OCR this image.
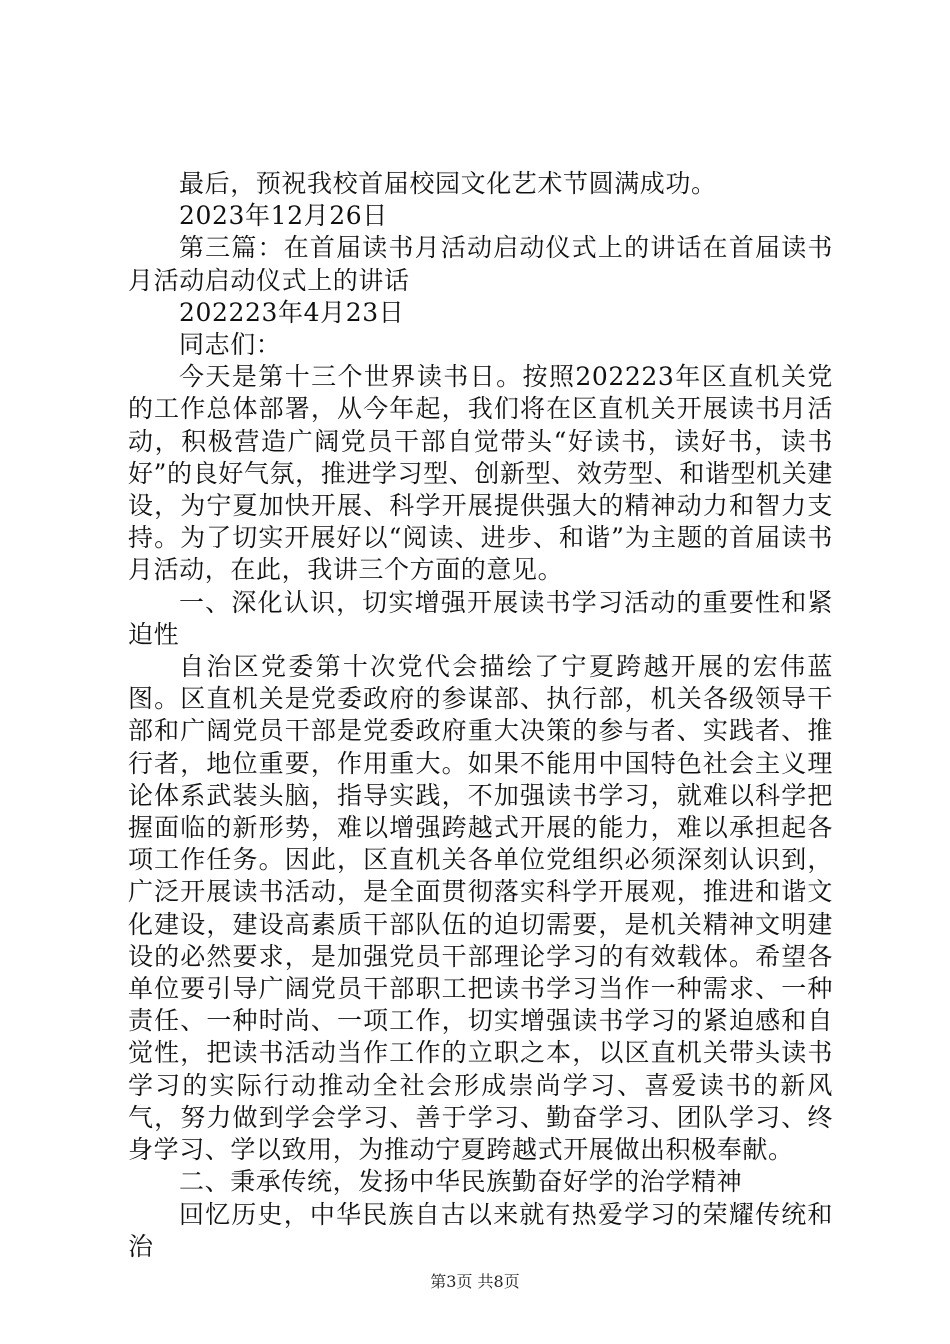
最后，预祝我校首届校园文化艺术节圆满成功。

2023年12月26日

第三篇：在首届读书月活动启动仪式上的讲话在首届读书月活动启动仪式上的讲话

202223年4月23日

同志们：

今天是第十三个世界读书日。按照202223年区直机关党的工作总体部署，从今年起，我们将在区直机关开展读书月活动，积极营造广阔党员干部自觉带头“好读书，读好书，读书好”的良好气氛，推进学习型、创新型、效劳型、和谐型机关建设，为宁夏加快开展、科学开展提供强大的精神动力和智力支持。为了切实开展好以“阅读、进步、和谐”为主题的首届读书月活动，在此，我讲三个方面的意见。

一、深化认识，切实增强开展读书学习活动的重要性和紧迫性

自治区党委第十次党代会描绘了宁夏跨越开展的宏伟蓝图。区直机关是党委政府的参谋部、执行部，机关各级领导干部和广阔党员干部是党委政府重大决策的参与者、实践者、推行者，地位重要，作用重大。如果不能用中国特色社会主义理论体系武装头脑，指导实践，不加强读书学习，就难以科学把握面临的新形势，难以增强跨越式开展的能力，难以承担起各项工作任务。因此，区直机关各单位党组织必须深刻认识到，广泛开展读书活动，是全面贯彻落实科学开展观，推进和谐文化建设，建设高素质干部队伍的迫切需要，是机关精神文明建设的必然要求，是加强党员干部理论学习的有效载体。希望各单位要引导广阔党员干部职工把读书学习当作一种需求、一种责任、一种时尚、一项工作，切实增强读书学习的紧迫感和自觉性，把读书活动当作工作的立职之本，以区直机关带头读书学习的实际行动推动全社会形成崇尚学习、喜爱读书的新风气，努力做到学会学习、善于学习、勤奋学习、团队学习、终身学习、学以致用，为推动宁夏跨越式开展做出积极奉献。

二、秉承传统，发扬中华民族勤奋好学的治学精神

回忆历史，中华民族自古以来就有热爱学习的荣耀传统和治

第3页 共8页
